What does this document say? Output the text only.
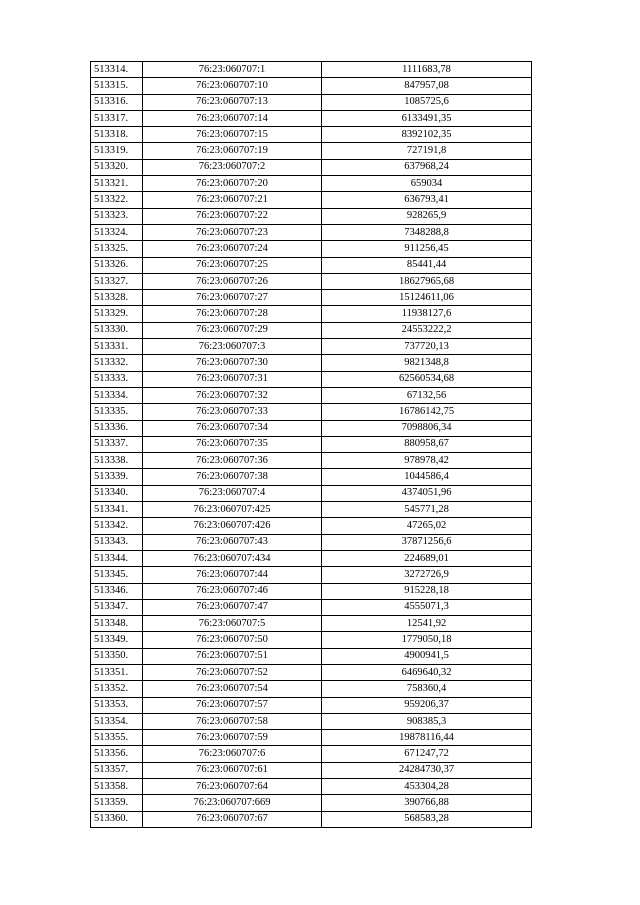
513314.	76:23:060707:1	1111683,78
513315.	76:23:060707:10	847957,08
513316.	76:23:060707:13	1085725,6
513317.	76:23:060707:14	6133491,35
513318.	76:23:060707:15	8392102,35
513319.	76:23:060707:19	727191,8
513320.	76:23:060707:2	637968,24
513321.	76:23:060707:20	659034
513322.	76:23:060707:21	636793,41
513323.	76:23:060707:22	928265,9
513324.	76:23:060707:23	7348288,8
513325.	76:23:060707:24	911256,45
513326.	76:23:060707:25	85441,44
513327.	76:23:060707:26	18627965,68
513328.	76:23:060707:27	15124611,06
513329.	76:23:060707:28	11938127,6
513330.	76:23:060707:29	24553222,2
513331.	76:23:060707:3	737720,13
513332.	76:23:060707:30	9821348,8
513333.	76:23:060707:31	62560534,68
513334.	76:23:060707:32	67132,56
513335.	76:23:060707:33	16786142,75
513336.	76:23:060707:34	7098806,34
513337.	76:23:060707:35	880958,67
513338.	76:23:060707:36	978978,42
513339.	76:23:060707:38	1044586,4
513340.	76:23:060707:4	4374051,96
513341.	76:23:060707:425	545771,28
513342.	76:23:060707:426	47265,02
513343.	76:23:060707:43	37871256,6
513344.	76:23:060707:434	224689,01
513345.	76:23:060707:44	3272726,9
513346.	76:23:060707:46	915228,18
513347.	76:23:060707:47	4555071,3
513348.	76:23:060707:5	12541,92
513349.	76:23:060707:50	1779050,18
513350.	76:23:060707:51	4900941,5
513351.	76:23:060707:52	6469640,32
513352.	76:23:060707:54	758360,4
513353.	76:23:060707:57	959206,37
513354.	76:23:060707:58	908385,3
513355.	76:23:060707:59	19878116,44
513356.	76:23:060707:6	671247,72
513357.	76:23:060707:61	24284730,37
513358.	76:23:060707:64	453304,28
513359.	76:23:060707:669	390766,88
513360.	76:23:060707:67	568583,28
